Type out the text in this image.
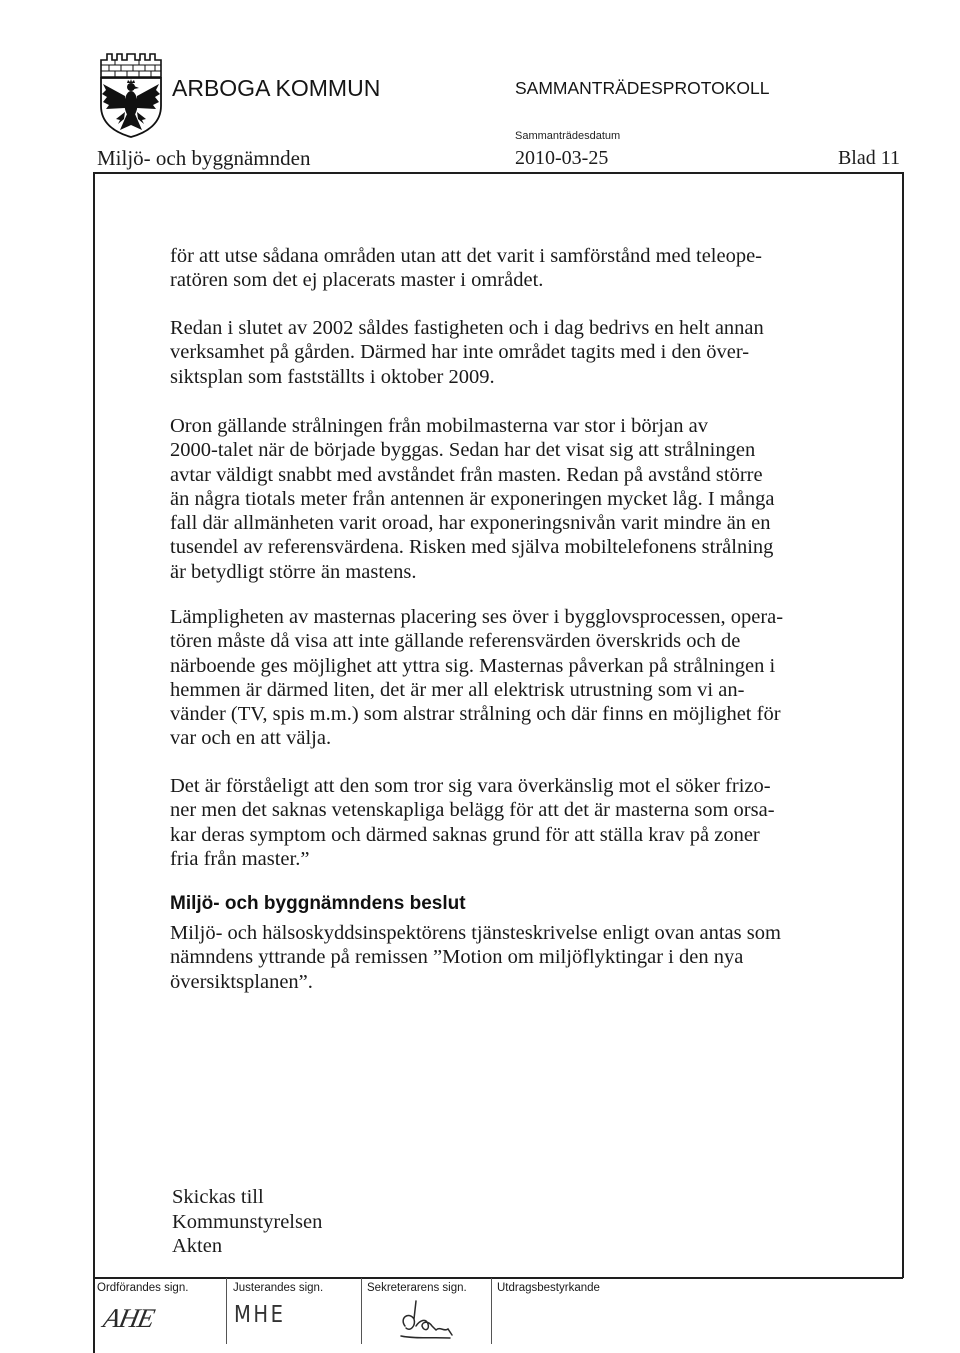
ARBOGA KOMMUN	SAMMANTRÄDESPROTOKOLL
Sammanträdesdatum
Miljö- och byggnämnden	2010-03-25	Blad 11
för att utse sådana områden utan att det varit i samförstånd med teleope-
ratören som det ej placerats master i området.
Redan i slutet av 2002 såldes fastigheten och i dag bedrivs en helt annan
verksamhet på gården. Därmed har inte området tagits med i den över-
siktsplan som fastställts i oktober 2009.
Oron gällande strålningen från mobilmasterna var stor i början av
2000-talet när de började byggas. Sedan har det visat sig att strålningen
avtar väldigt snabbt med avståndet från masten. Redan på avstånd större
än några tiotals meter från antennen är exponeringen mycket låg. I många
fall där allmänheten varit oroad, har exponeringsnivån varit mindre än en
tusendel av referensvärdena. Risken med själva mobiltelefonens strålning
är betydligt större än mastens.
Lämpligheten av masternas placering ses över i bygglovsprocessen, opera-
tören måste då visa att inte gällande referensvärden överskrids och de
närboende ges möjlighet att yttra sig. Masternas påverkan på strålningen i
hemmen är därmed liten, det är mer all elektrisk utrustning som vi an-
vänder (TV, spis m.m.) som alstrar strålning och där finns en möjlighet för
var och en att välja.
Det är förståeligt att den som tror sig vara överkänslig mot el söker frizo-
ner men det saknas vetenskapliga belägg för att det är masterna som orsa-
kar deras symptom och därmed saknas grund för att ställa krav på zoner
fria från master.”
Miljö- och byggnämndens beslut
Miljö- och hälsoskyddsinspektörens tjänsteskrivelse enligt ovan antas som
nämndens yttrande på remissen ”Motion om miljöflyktingar i den nya
översiktsplanen”.
Skickas till
Kommunstyrelsen
Akten
Ordförandes sign.	Justerandes sign.	Sekreterarens sign.	Utdragsbestyrkande
AHE	MHE
